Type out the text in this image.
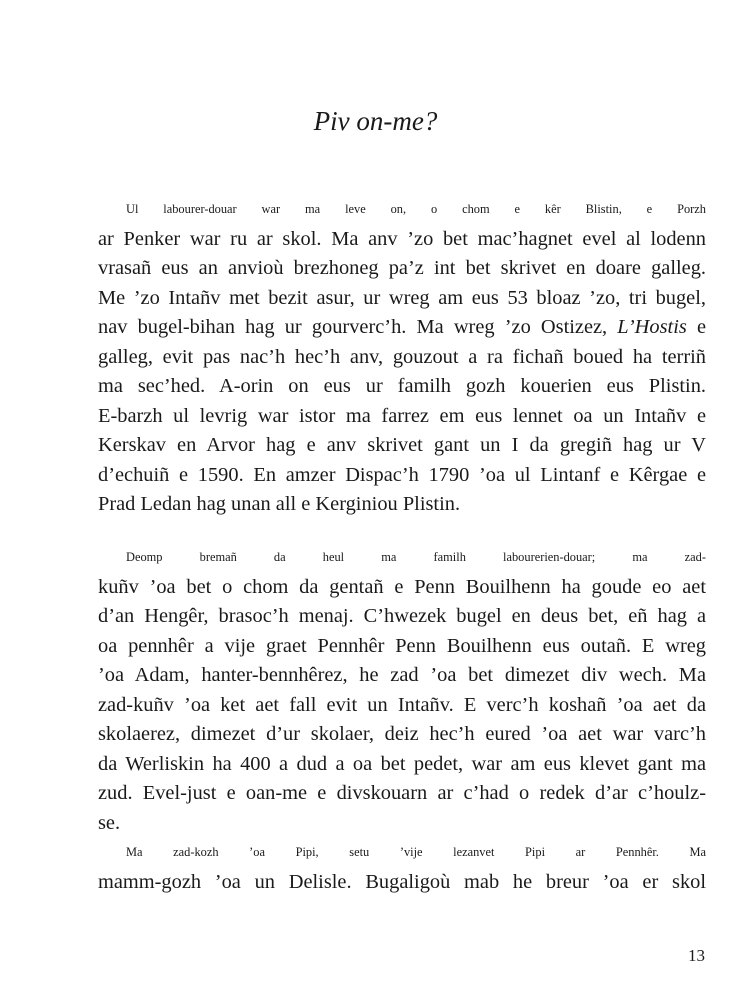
Piv on-me?
Ul labourer-douar war ma leve on, o chom e kêr Blistin, e Porzh
ar Penker war ru ar skol. Ma anv ’zo bet mac’hagnet evel al lodenn
vrasañ eus an anvioù brezhoneg pa’z int bet skrivet en doare galleg.
Me ’zo Intañv met bezit asur, ur wreg am eus 53 bloaz ’zo, tri bugel,
nav bugel-bihan hag ur gourverc’h. Ma wreg ’zo Ostizez, L’Hostis e
galleg, evit pas nac’h hec’h anv, gouzout a ra fichañ boued ha terriñ
ma sec’hed. A-orin on eus ur familh gozh kouerien eus Plistin.
E-barzh ul levrig war istor ma farrez em eus lennet oa un Intañv e
Kerskav en Arvor hag e anv skrivet gant un I da gregiñ hag ur V
d’echuiñ e 1590. En amzer Dispac’h 1790 ’oa ul Lintanf e Kêrgae e
Prad Ledan hag unan all e Kerginiou Plistin.
Deomp bremañ da heul ma familh labourerien-douar; ma zad-
kuñv ’oa bet o chom da gentañ e Penn Bouilhenn ha goude eo aet
d’an Hengêr, brasoc’h menaj. C’hwezek bugel en deus bet, eñ hag a
oa pennhêr a vije graet Pennhêr Penn Bouilhenn eus outañ. E wreg
’oa Adam, hanter-bennhêrez, he zad ’oa bet dimezet div wech. Ma
zad-kuñv ’oa ket aet fall evit un Intañv. E verc’h koshañ ’oa aet da
skolaerez, dimezet d’ur skolaer, deiz hec’h eured ’oa aet war varc’h
da Werliskin ha 400 a dud a oa bet pedet, war am eus klevet gant ma
zud. Evel-just e oan-me e divskouarn ar c’had o redek d’ar c’houlz-
se.
Ma zad-kozh ’oa Pipi, setu ’vije lezanvet Pipi ar Pennhêr. Ma
mamm-gozh ’oa un Delisle. Bugaligoù mab he breur ’oa er skol
13
